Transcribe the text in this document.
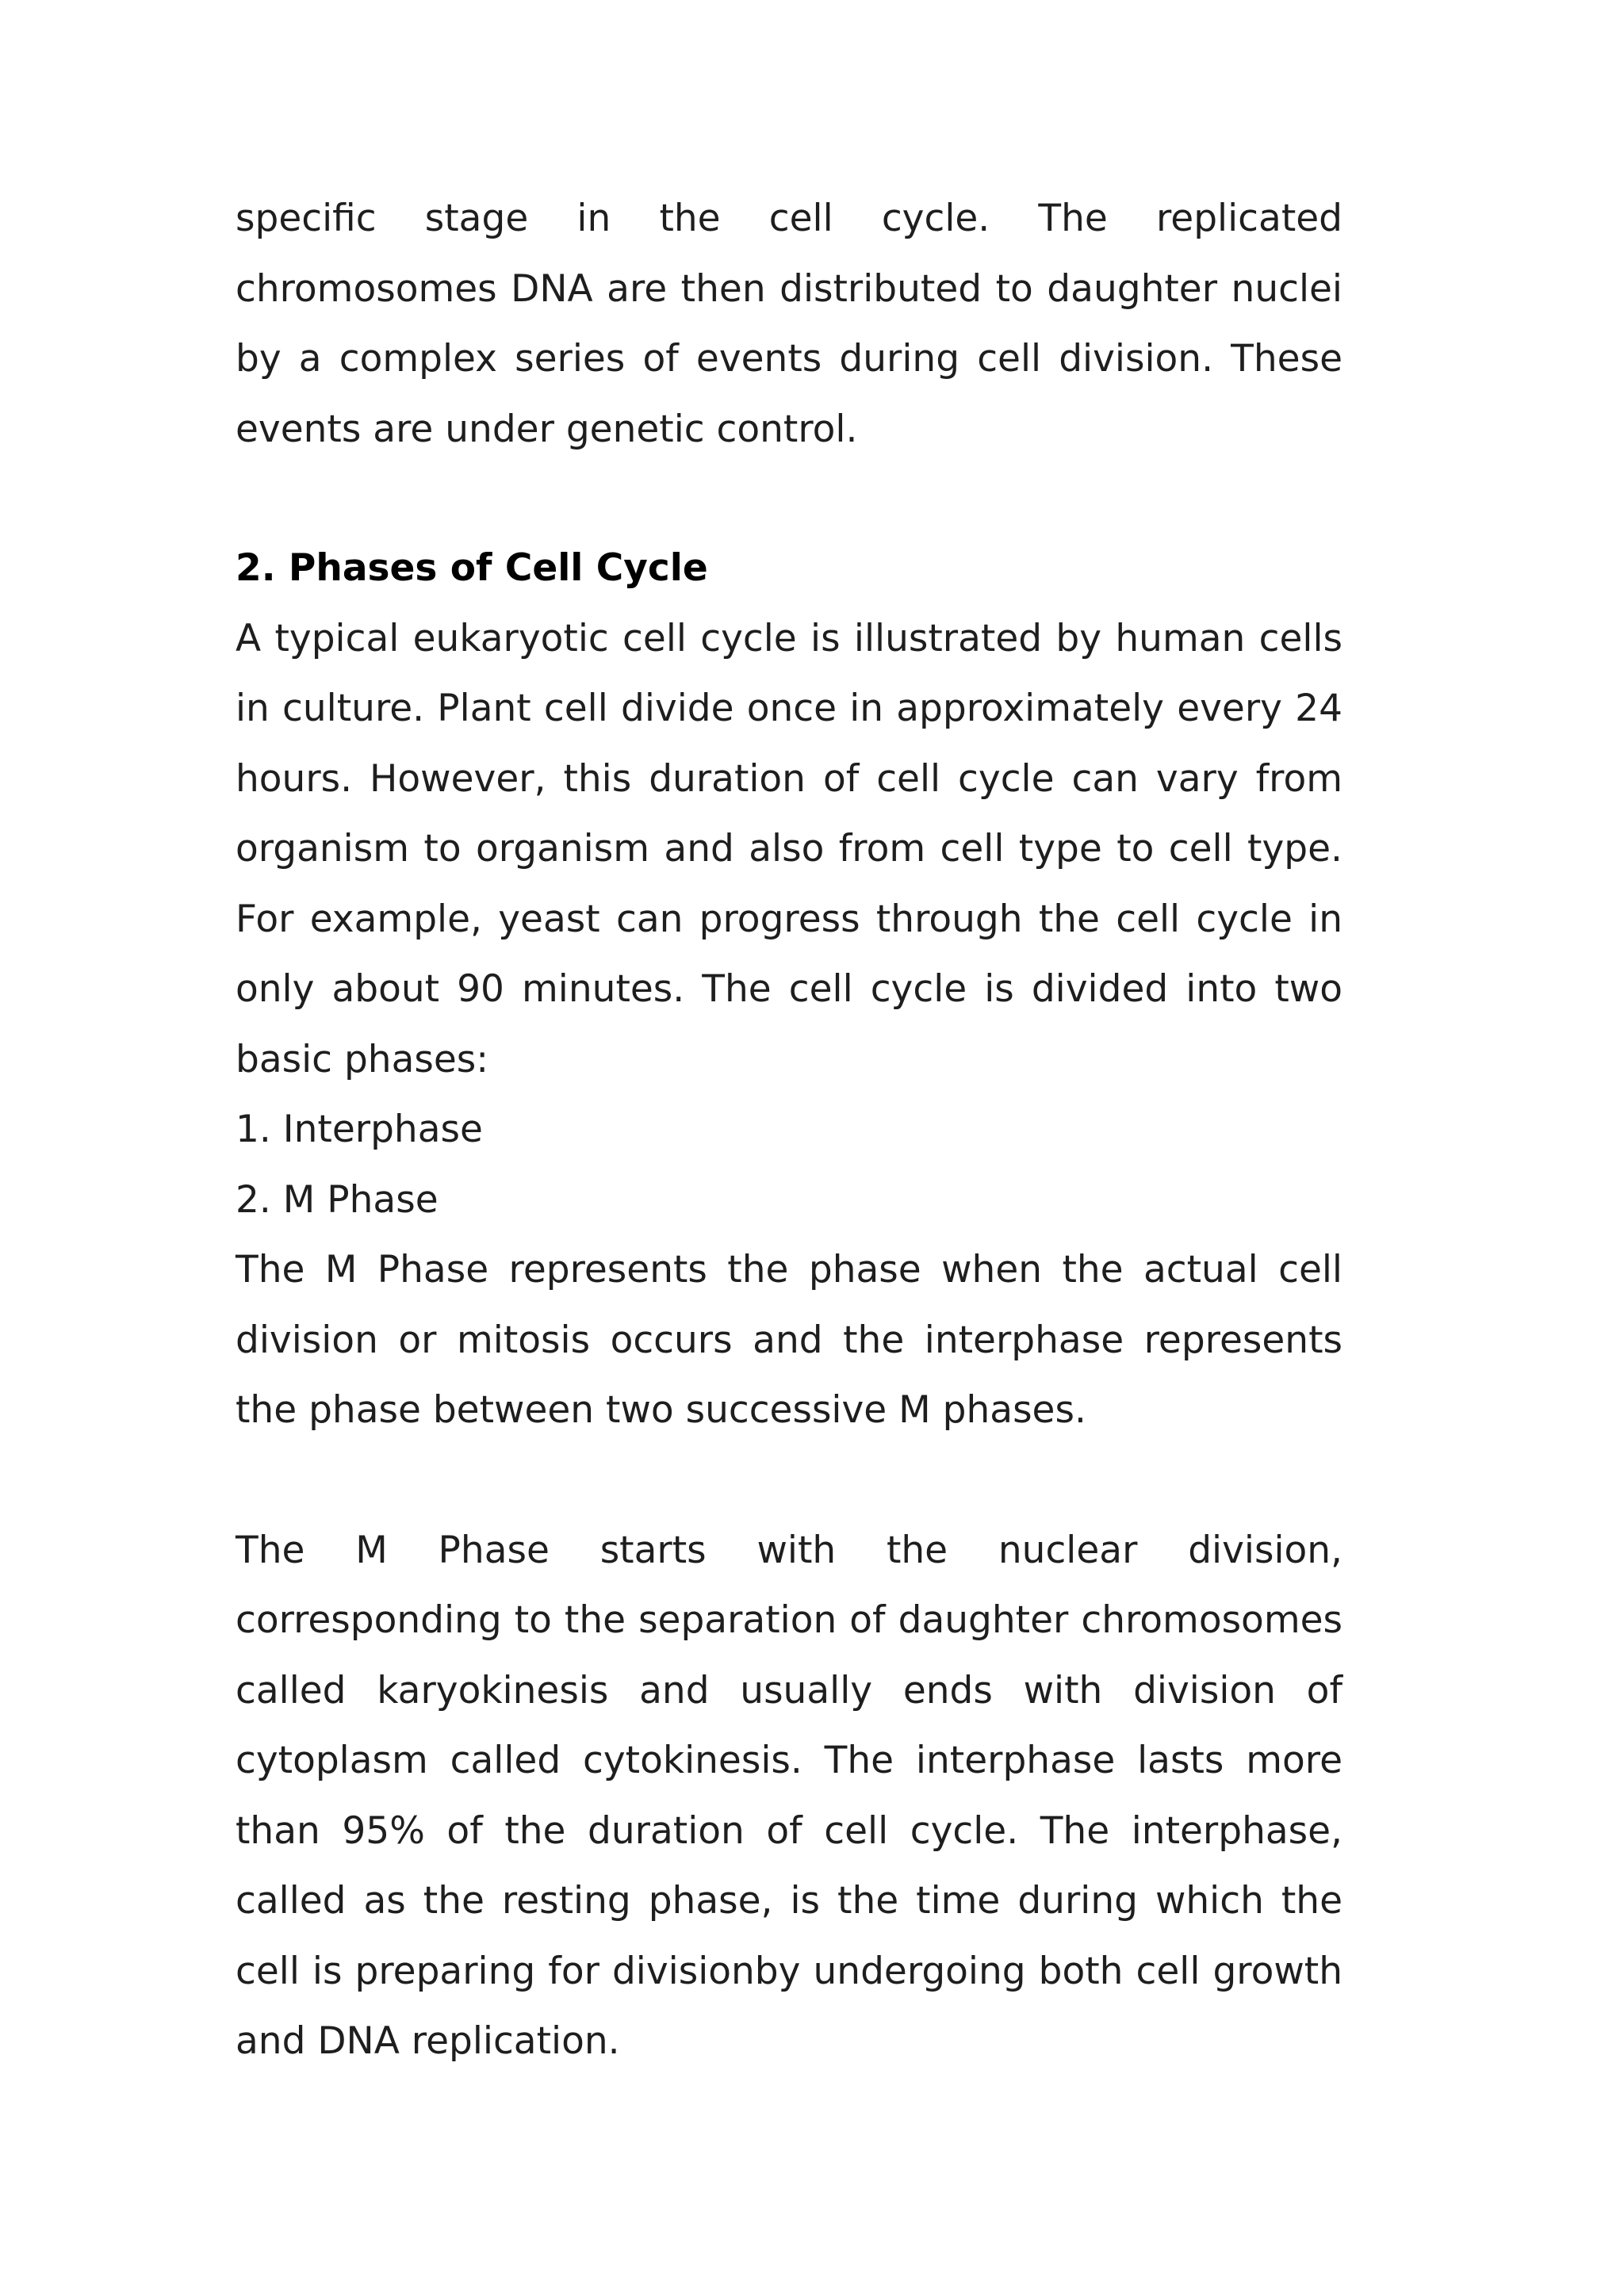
specific stage in the cell cycle. The replicated chromosomes DNA are then distributed to daughter nuclei by a complex series of events during cell division. These events are under genetic control.

2. Phases of Cell Cycle

A typical eukaryotic cell cycle is illustrated by human cells in culture. Plant cell divide once in approximately every 24 hours. However, this duration of cell cycle can vary from organism to organism and also from cell type to cell type. For example, yeast can progress through the cell cycle in only about 90 minutes. The cell cycle is divided into two basic phases:

1. Interphase
2. M Phase

The M Phase represents the phase when the actual cell division or mitosis occurs and the interphase represents the phase between two successive M phases.

The M Phase starts with the nuclear division, corresponding to the separation of daughter chromosomes called karyokinesis and usually ends with division of cytoplasm called cytokinesis. The interphase lasts more than 95% of the duration of cell cycle. The interphase, called as the resting phase, is the time during which the cell is preparing for divisionby undergoing both cell growth and DNA replication.
